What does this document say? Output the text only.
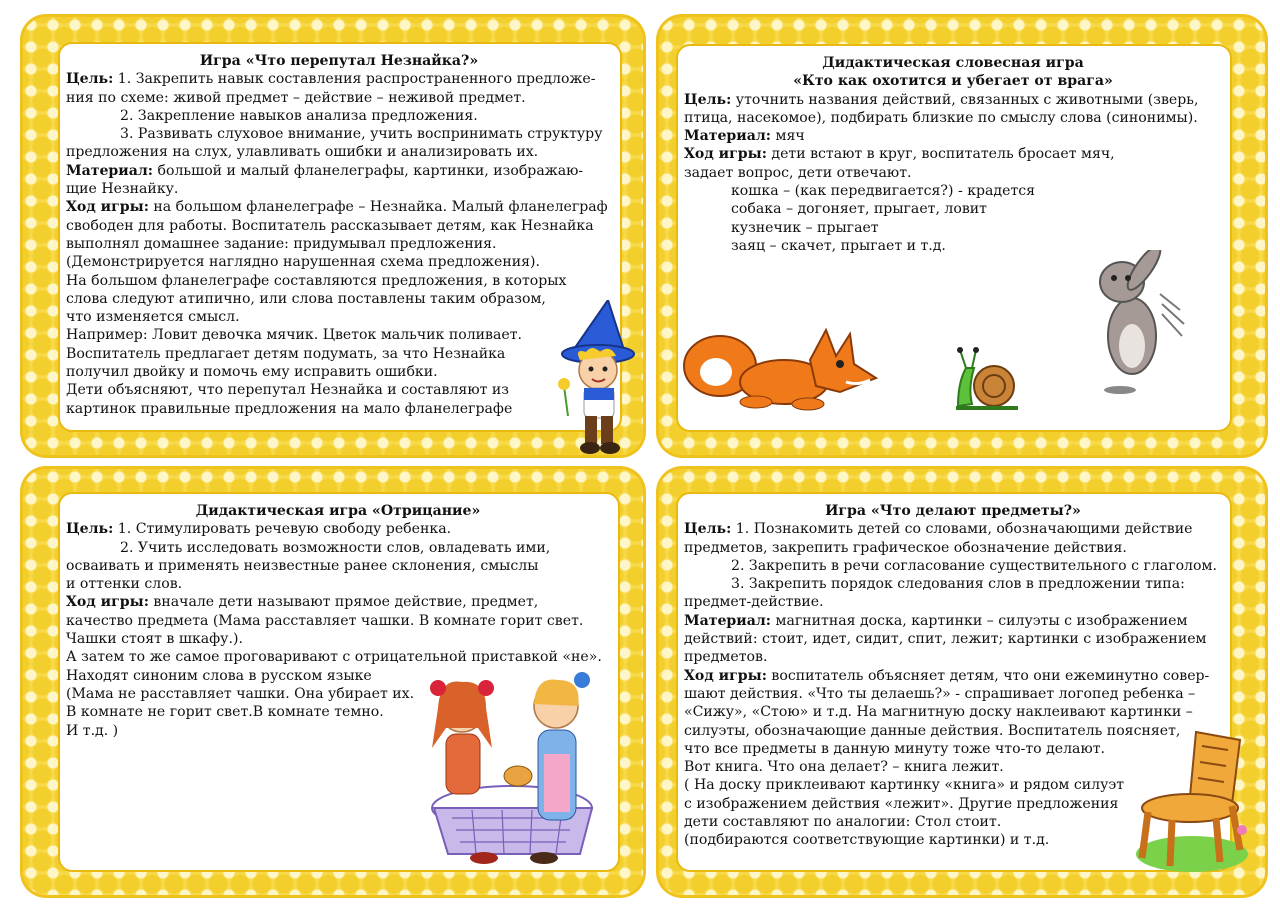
Игра «Что перепутал Незнайка?»

Цель: 1. Закрепить навык составления распространенного предложе-

ния по схеме: живой предмет – действие – неживой предмет.

2. Закрепление навыков анализа предложения.

3. Развивать слуховое внимание, учить воспринимать структуру

предложения на слух, улавливать ошибки и анализировать их.

Материал: большой и малый фланелеграфы, картинки, изображаю-

щие Незнайку.

Ход игры: на большом фланелеграфе – Незнайка. Малый фланелеграф

свободен для работы. Воспитатель рассказывает детям, как Незнайка

выполнял домашнее задание: придумывал предложения.

(Демонстрируется наглядно нарушенная схема предложения).

На большом фланелеграфе составляются предложения, в которых

слова следуют атипично, или слова поставлены таким образом,

что изменяется смысл.

Например: Ловит девочка мячик. Цветок мальчик поливает.

Воспитатель предлагает детям подумать, за что Незнайка

получил двойку и помочь ему исправить ошибки.

Дети объясняют, что перепутал Незнайка и составляют из

картинок правильные предложения на мало фланелеграфе

Дидактическая словесная игра

«Кто как охотится и убегает от врага»

Цель: уточнить названия действий, связанных с животными (зверь,

птица, насекомое), подбирать близкие по смыслу слова (синонимы).

Материал: мяч

Ход игры: дети встают в круг, воспитатель бросает мяч,

задает вопрос, дети отвечают.

кошка – (как передвигается?) - крадется

собака – догоняет, прыгает, ловит

кузнечик – прыгает

заяц – скачет, прыгает и т.д.

Дидактическая игра «Отрицание»

Цель: 1. Стимулировать речевую свободу ребенка.

2. Учить исследовать возможности слов, овладевать ими,

осваивать и применять неизвестные ранее склонения, смыслы

и оттенки слов.

Ход игры: вначале дети называют прямое действие, предмет,

качество предмета (Мама расставляет чашки. В комнате горит свет.

Чашки стоят в шкафу.).

А затем то же самое проговаривают с отрицательной приставкой «не».

Находят синоним слова в русском языке

(Мама не расставляет чашки. Она убирает их.

В комнате не горит свет.В комнате темно.

И т.д. )

Игра «Что делают предметы?»

Цель: 1. Познакомить детей со словами, обозначающими действие

предметов, закрепить графическое обозначение действия.

2. Закрепить в речи согласование существительного с глаголом.

3. Закрепить порядок следования слов в предложении типа:

предмет-действие.

Материал: магнитная доска, картинки – силуэты с изображением

действий: стоит, идет, сидит, спит, лежит; картинки с изображением

предметов.

Ход игры: воспитатель объясняет детям, что они ежеминутно совер-

шают действия. «Что ты делаешь?» - спрашивает логопед ребенка –

«Сижу», «Стою» и т.д. На магнитную доску наклеивают картинки –

силуэты, обозначающие данные действия. Воспитатель поясняет,

что все предметы в данную минуту тоже что-то делают.

Вот книга. Что она делает? – книга лежит.

( На доску приклеивают картинку «книга» и рядом силуэт

с изображением действия «лежит». Другие предложения

дети составляют по аналогии: Стол стоит.

(подбираются соответствующие картинки) и т.д.
